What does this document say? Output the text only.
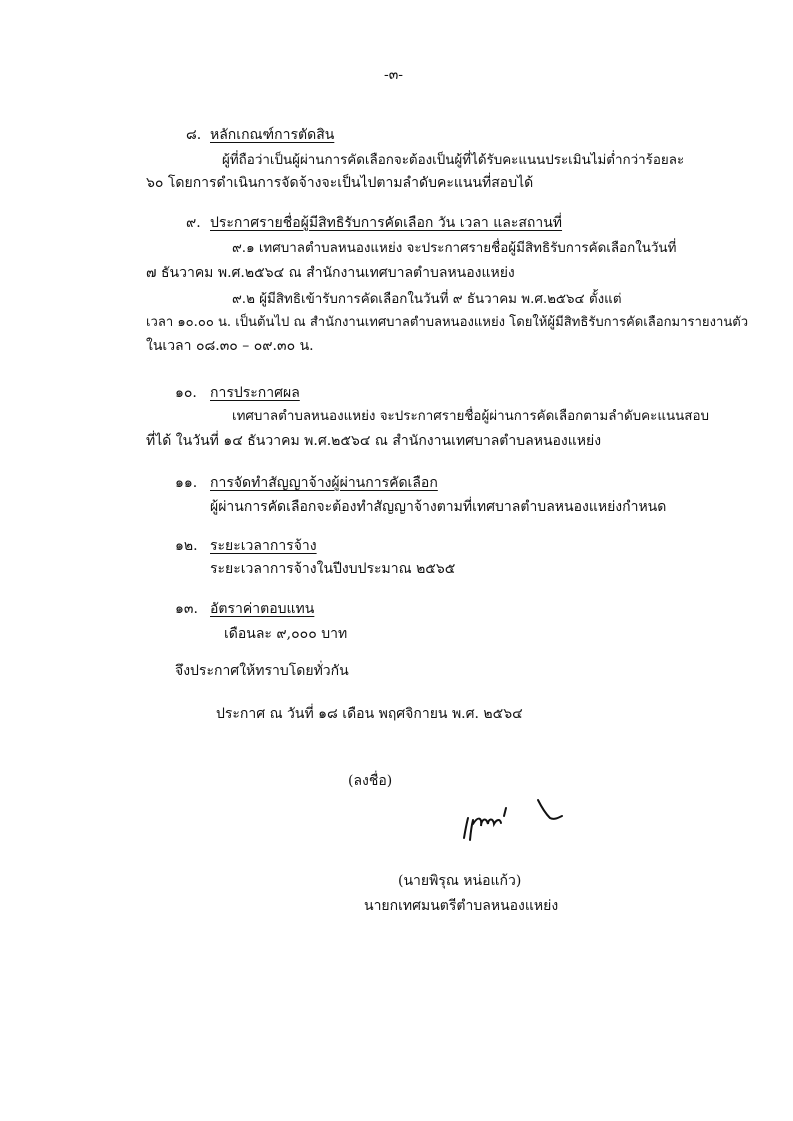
-๓-
๘. หลักเกณฑ์การตัดสิน
ผู้ที่ถือว่าเป็นผู้ผ่านการคัดเลือกจะต้องเป็นผู้ที่ได้รับคะแนนประเมินไม่ต่ำกว่าร้อยละ
๖๐ โดยการดำเนินการจัดจ้างจะเป็นไปตามลำดับคะแนนที่สอบได้
๙. ประกาศรายชื่อผู้มีสิทธิรับการคัดเลือก วัน เวลา และสถานที่
๙.๑ เทศบาลตำบลหนองแหย่ง จะประกาศรายชื่อผู้มีสิทธิรับการคัดเลือกในวันที่
๗ ธันวาคม พ.ศ.๒๕๖๔ ณ สำนักงานเทศบาลตำบลหนองแหย่ง
๙.๒ ผู้มีสิทธิเข้ารับการคัดเลือกในวันที่ ๙ ธันวาคม พ.ศ.๒๕๖๔ ตั้งแต่
เวลา ๑๐.๐๐ น. เป็นต้นไป ณ สำนักงานเทศบาลตำบลหนองแหย่ง โดยให้ผู้มีสิทธิรับการคัดเลือกมารายงานตัว
ในเวลา ๐๘.๓๐ – ๐๙.๓๐ น.
๑๐. การประกาศผล
เทศบาลตำบลหนองแหย่ง จะประกาศรายชื่อผู้ผ่านการคัดเลือกตามลำดับคะแนนสอบ
ที่ได้ ในวันที่ ๑๔ ธันวาคม พ.ศ.๒๕๖๔ ณ สำนักงานเทศบาลตำบลหนองแหย่ง
๑๑. การจัดทำสัญญาจ้างผู้ผ่านการคัดเลือก
ผู้ผ่านการคัดเลือกจะต้องทำสัญญาจ้างตามที่เทศบาลตำบลหนองแหย่งกำหนด
๑๒. ระยะเวลาการจ้าง
ระยะเวลาการจ้างในปีงบประมาณ ๒๕๖๕
๑๓. อัตราค่าตอบแทน
เดือนละ ๙,๐๐๐ บาท
จึงประกาศให้ทราบโดยทั่วกัน
ประกาศ ณ วันที่ ๑๘ เดือน พฤศจิกายน พ.ศ. ๒๕๖๔
(ลงชื่อ)
(นายพิรุณ หน่อแก้ว)
นายกเทศมนตรีตำบลหนองแหย่ง
